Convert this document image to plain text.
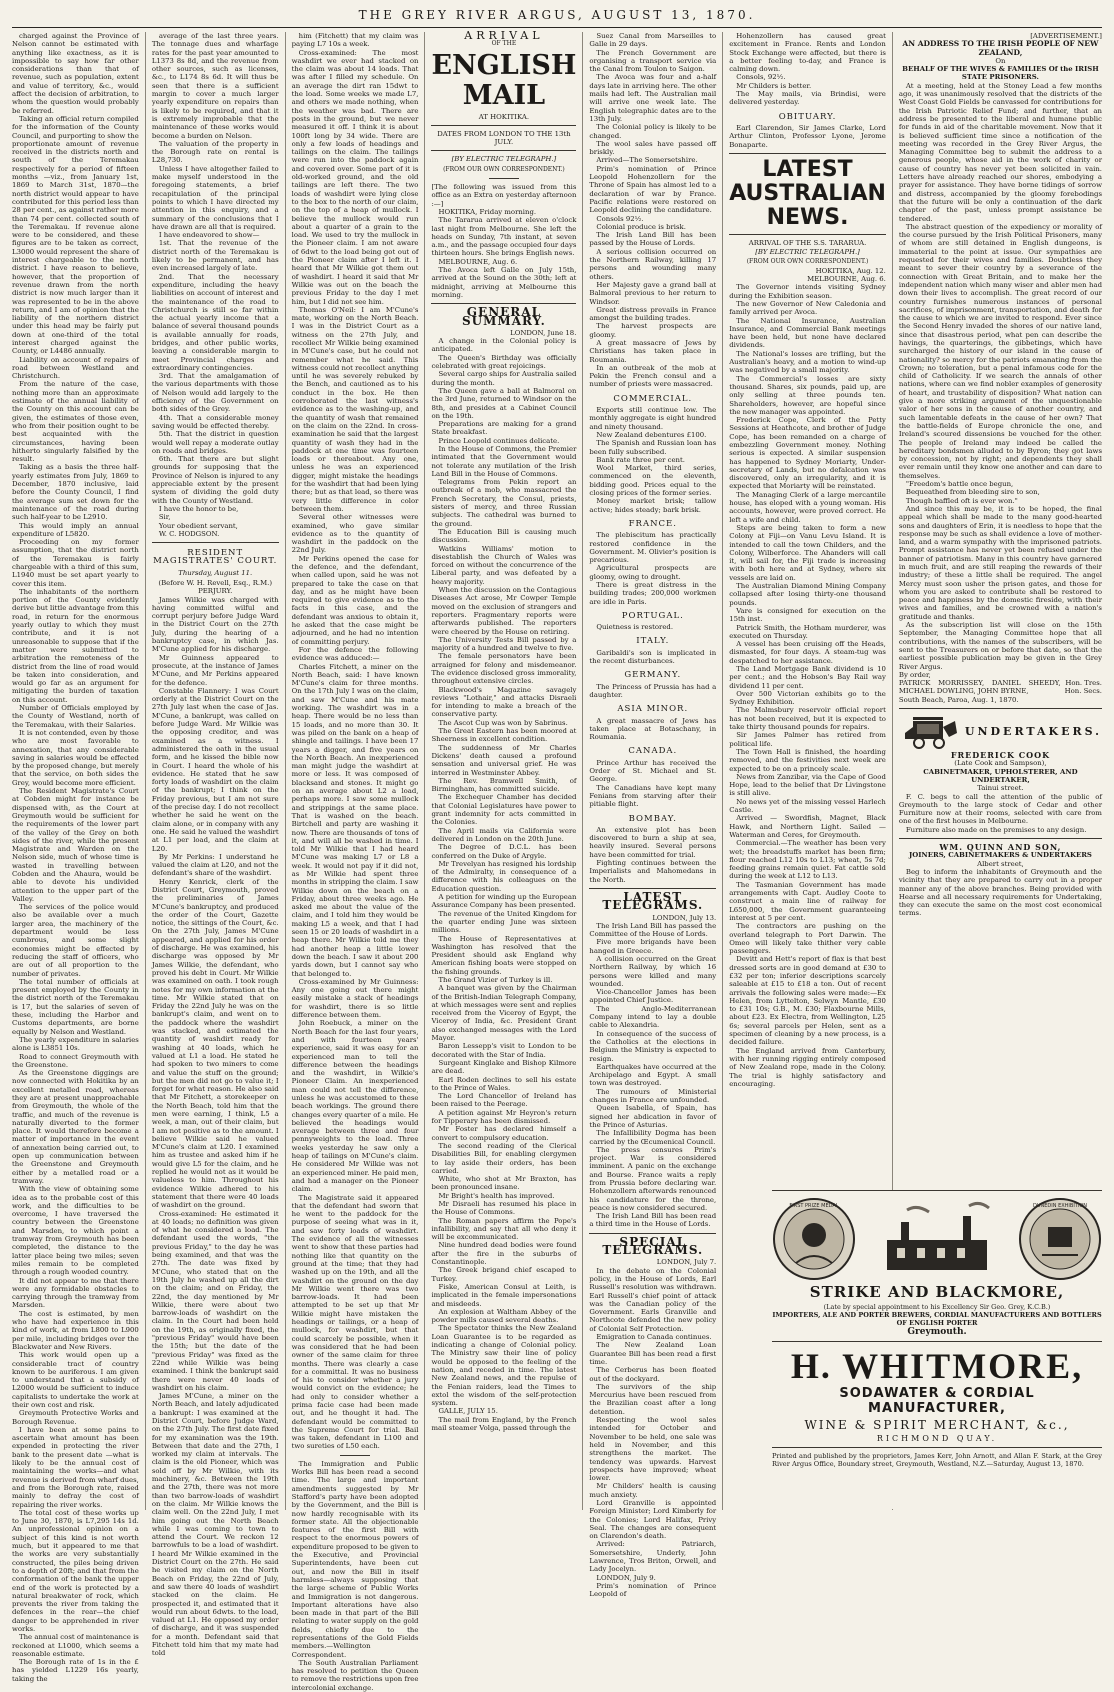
THE GREY RIVER ARGUS, AUGUST 13, 1870.

charged against the Province of Nelson cannot be estimated with anything like exactness, as it is impossible to say how far other considerations than that of revenue, such as population, extent and value of territory, &c., would affect the decision of arbitration, to whom the question would probably be referred.

Taking an official return compiled for the information of the County Council, and purporting to show the proportionate amount of revenue received in the districts north and south of the Teremakau respectively for a period of fifteen months —viz., from January 1st, 1869 to March 31st, 1870—the north district would appear to have contributed for this period less than 28 per cent., as against rather more than 74 per cent. collected south of the Teremakau. If revenue alone were to be considered, and these figures are to be taken as correct, L3000 would represent the share of interest chargeable to the north district. I have reason to believe, however, that the proportion of revenue drawn from the north district is now much larger than it was represented to be in the above return, and I am of opinion that the liability of the northern district under this head may be fairly put down at one-third of the total interest charged against the County, or L4486 annually.

Liability on account of repairs of road between Westland and Christchurch.

From the nature of the case, nothing more than an approximate estimate of the annual liability of the County on this account can be given, the estimates of those even, who from their position ought to be best acquainted with the circumstances, having been hitherto singularly falsified by the result.

Taking as a basis the three half-yearly estimates from July, 1869 to December, 1870 inclusive, laid before the County Council, I find the average sum set down for the maintenance of the road during such half-year to be L2910.

This would imply an annual expenditure of L5820.

Proceeding on my former assumption, that the district north of the Teremakau is fairly chargeable with a third of this sum, L1940 must be set apart yearly to cover this item.

The inhabitants of the northern portion of the County evidently derive but little advantage from this road, in return for the enormous yearly outlay to which they must contribute, and it is not unreasonable to suppose that if the matter were submitted to arbitration the remoteness of the district from the line of road would be taken into consideration, and would go far as an argument for mitigating the burden of taxation on this account.

Number of Officials employed by the County of Westland, north of the Teremakau, with their Salaries.

It is not contended, even by those who are most favorable to annexation, that any considerable saving in salaries would be effected by the proposed change, but merely that the service, on both sides the Grey, would become more efficient.

The Resident Magistrate's Court at Cobden might for instance be dispensed with, as the Court at Greymouth would be sufficient for the requirements of the lower part of the valley of the Grey on both sides of the river, while the present Magistrate and Warden on the Nelson side, much of whose time is wasted in travelling between Cobden and the Ahaura, would be able to devote his undivided attention to the upper part of the Valley.

The services of the police would also be available over a much larger area, the machinery of the department would be less cumbrous, and some slight economies might be effected by reducing the staff of officers, who are out of all proportion to the number of privates.

The total number of officials at present employed by the County in the district north of the Teremakau is 17, but the salaries of seven of these, including the Harbor and Customs departments, are borne equally by Nelson and Westland.

The yearly expenditure in salaries alone is L3851 10s.

Road to connect Greymouth with the Greenstone.

As the Greenstone diggings are now connected with Hokitika by an excellent metalled road, whereas they are at present unapproachable from Greymouth, the whole of the traffic, and much of the revenue is naturally diverted to the former place. It would therefore become a matter of importance in the event of annexation being carried out, to open up communication between the Greenstone and Greymouth either by a metalled road or a tramway.

With the view of obtaining some idea as to the probable cost of this work, and the difficulties to be overcome, I have traversed the country between the Greenstone and Marsden, to which point a tramway from Greymouth has been completed, the distance to the latter place being two miles; seven miles remain to be completed through a rough wooded country.

It did not appear to me that there were any formidable obstacles to carrying through the tramway from Marsden.

The cost is estimated, by men who have had experience in this kind of work, at from L800 to L900 per mile, including bridges over the Blackwater and New Rivers.

This work would open up a considerable tract of country known to be auriferous. I am given to understand that a subsidy of L2000 would be sufficient to induce capitalists to undertake the work at their own cost and risk.

Greymouth Protective Works and Borough Revenue.

I have been at some pains to ascertain what amount has been expended in protecting the river bank to the present date —what is likely to be the annual cost of maintaining the works—and what revenue is derived from wharf dues, and from the Borough rate, raised mainly to defray the cost of repairing the river works.

The total cost of these works up to June 30, 1870, is L7,295 14s 1d. An unprofessional opinion on a subject of this kind is not worth much, but it appeared to me that the works are very substantially constructed, the piles being driven to a depth of 20ft; and that from the conformation of the bank the upper end of the work is protected by a natural breakwater of rock, which prevents the river from taking the defences in the rear—the chief danger to be apprehended in river works.

The annual cost of maintenance is reckoned at L1000, which seems a reasonable estimate.

The Borough rate of 1s in the £ has yielded L1229 16s yearly, taking the

average of the last three years. The tonnage dues and wharfage rates for the past year amounted to L1373 8s 8d, and the revenue from other sources, such as licenses, &c., to L174 8s 6d. It will thus be seen that there is a sufficient margin to cover a much larger yearly expenditure on repairs than is likely to be required, and that it is extremely improbable that the maintenance of these works would become a burden on Nelson.

The valuation of the property in the Borough rate on rental is L28,730.

Unless I have altogether failed to make myself understood in the foregoing statements, a brief recapitulation of the principal points to which I have directed my attention in this enquiry, and a summary of the conclusions that I have drawn are all that is required.

I have endeavored to show—

1st. That the revenue of the district north of the Teremakau is likely to be permanent, and has even increased largely of late.

2nd. That the necessary expenditure, including the heavy liabilities on account of interest and the maintenance of the road to Christchurch is still so far within the actual yearly income that a balance of several thousand pounds is available annually for roads, bridges, and other public works, leaving a considerable margin to meet Provincial charges and extraordinary contingencies.

3rd. That the amalgamation of the various departments with those of Nelson would add largely to the efficiency of the Government on both sides of the Grey.

4th. That a considerable money saving would be effected thereby.

5th. That the district in question would well repay a moderate outlay on roads and bridges.

6th. That there are but slight grounds for supposing that the Province of Nelson is injured to any appreciable extent by the present system of dividing the gold duty with the County of Westland.

I have the honor to be,

Sir,

Your obedient servant,

W. C. HODGSON.

RESIDENT MAGISTRATES' COURT.
Thursday, August 11.
(Before W. H. Revell, Esq., R.M.)
PERJURY.

James Wilkie was charged with having committed wilful and corrupt perjury before Judge Ward in the District Court on the 27th July, during the hearing of a bankruptcy case, in which Jas. M'Cune applied for his discharge.

Mr Guinness appeared to prosecute, at the instance of James M'Cune, and Mr Perkins appeared for the defence.

Constable Flannery: I was Court orderly at the District Court on the 27th July last when the case of Jas. M'Cune, a bankrupt, was called on before Judge Ward. Mr Wilkie was the opposing creditor, and was examined as a witness. I administered the oath in the usual form, and he kissed the bible now in Court. I heard the whole of his evidence. He stated that he saw forty loads of washdirt on the claim of the bankrupt; I think on the Friday previous, but I am not sure of the precise day. I do not recollect whether he said he went on the claim alone, or in company with any one. He said he valued the washdirt at L1 per load, and the claim at L20.

By Mr Perkins: I understand he valued the claim at L20, and not the defendant's share of the washdirt.

Henry Kenrick, clerk of the District Court, Greymouth, proved the preliminaries of James M'Cune's bankruptcy, and produced the order of the Court, Gazette notice, the sittings of the Court, &c. On the 27th July, James M'Cune appeared, and applied for his order of discharge. He was examined, his discharge was opposed by Mr James Wilkie, the defendant, who proved his debt in Court. Mr Wilkie was examined on oath. I took rough notes for my own information at the time. Mr Wilkie stated that on Friday the 22nd July he was on the bankrupt's claim, and went on to the paddock where the washdirt was stacked, and estimated the quantity of washdirt ready for washing at 40 loads, which he valued at L1 a load. He stated he had spoken to two miners to come and value the stuff on the ground; but the men did not go to value it; I forget for what reason. He also said that Mr Fitchett, a storekeeper on the North Beach, told him that the men were earning, I think, L5 a week, a man, out of their claim, but I am not positive as to the amount. I believe Wilkie said he valued M'Cune's claim at L20. I examined him as trustee and asked him if he would give L5 for the claim, and he replied he would not as it would be valueless to him. Throughout his evidence Wilkie adhered to his statement that there were 40 loads of washdirt on the ground.

Cross-examined: He estimated it at 40 loads; no definition was given of what he considered a load. The defendant used the words, "the previous Friday," to the day he was being examined, and that was the 27th. The date was fixed by M'Cune, who stated that on the 19th July he washed up all the dirt on the claim; and on Friday, the 22nd, the day mentioned by Mr Wilkie, there were about two barrow-loads of washdirt on the claim. In the Court had been held on the 19th, as originally fixed, the "previous Friday" would have been the 15th; but the date of the "previous Friday" was fixed as the 22nd while Wilkie was being examined. I think the bankrupt said there were never 40 loads of washdirt on his claim.

James M'Cune, a miner on the North Beach, and lately adjudicated a bankrupt: I was examined at the District Court, before Judge Ward, on the 27th July. The first date fixed for my examination was the 19th. Between that date and the 27th, I worked my claim at intervals. The claim is the old Pioneer, which was sold off by Mr Wilkie, with its machinery, &c. Between the 19th and the 27th, there was not more than two barrow-loads of washdirt on the claim. Mr Wilkie knows the claim well. On the 22nd July, I met him going out the North Beach while I was coming to town to attend the Court. We reckon 12 barrowfuls to be a load of washdirt. I heard Mr Wilkie examined in the District Court on the 27th. He said he visited my claim on the North Beach on Friday, the 22nd of July, and saw there 40 loads of washdirt stacked on the claim. He prospected it, and estimated that it would run about 6dwts. to the load, valued at L1. He opposed my order of discharge, and it was suspended for a month. Defendant said that Fitchett told him that my mate had told

him (Fitchett) that my claim was paying L7 10s a week.

Cross-examined: The most washdirt we ever had stacked on the claim was about 14 loads. That was after I filled my schedule. On an average the dirt ran 15dwt to the load. Some weeks we made L7, and others we made nothing, when the weather was bad. There are posts in the ground, but we never measured it off. I think it is about 100ft long by 34 wide. There are only a few loads of headings and tailings on the claim. The tailings were run into the paddock again and covered over. Some part of it is old-worked ground, and the old tailings are left there. The two loads of washdirt were lying close to the box to the north of our claim, on the top of a heap of mullock. I believe the mullock would run about a quarter of a grain to the load. We used to try the mullock in the Pioneer claim. I am not aware of 6dwt to the load being got out of the Pioneer claim after I left it. I heard that Mr Wilkie got them out of washdirt. I heard it said that Mr Wilkie was out on the beach the previous Friday to the day I met him, but I did not see him.

Thomas O'Neil: I am M'Cune's mate, working on the North Beach. I was in the District Court as a witness on the 27th July, and recollect Mr Wilkie being examined in M'Cune's case, but he could not remember what he said. This witness could not recollect anything until he was severely rebuked by the Bench, and cautioned as to his conduct in the box. He then corroborated the last witness's evidence as to the washing-up, and the quantity of wash that remained on the claim on the 22nd. In cross-examination he said that the largest quantity of wash they had in the paddock at one time was fourteen loads or thereabout. Any one, unless he was an experienced digger, might mistake the headings for the washdirt that had been lying there; but as that lead, so there was very little difference in color between them.

Several other witnesses were examined, who gave similar evidence as to the quantity of washdirt in the paddock on the 22nd July.

Mr Perkins opened the case for the defence, and the defendant, when called upon, said he was not prepared to take the case on that day, and as he might have been required to give evidence as to the facts in this case, and the defendant was anxious to obtain it, he asked that the case might be adjourned, and he had no intention of committing perjury.

For the defence the following evidence was adduced:—

Charles Fitchett, a miner on the North Beach, said: I have known M'Cune's claim for three months. On the 17th July I was on the claim, and saw M'Cune and his mate working. The washdirt was in a heap. There would be no less than 15 loads, and no more than 30. It was piled on the bank on a heap of shingle and tailings. I have been 17 years a digger, and five years on the North Beach. An inexperienced man might judge the washdirt at more or less. It was composed of blacksand and stones. It might go on an average about L2 a load, perhaps more. I saw some mullock and strippings at the same place. That is washed on the beach. Birtchell and party are washing it now. There are thousands of tons of it, and will all be washed in time. I told Mr Wilkie that I had heard M'Cune was making L7 or L8 a week. It would not pay if it did not, as Mr Wilkie had spent three months in stripping the claim. I saw Wilkie down on the beach on a Friday, about three weeks ago. He asked me about the value of the claim, and I told him they would be making L5 a week, and that I had seen 15 or 20 loads of washdirt in a heap there. Mr Wilkie told me they had another heap a little lower down the beach. I saw it about 200 yards down, but I cannot say who that belonged to.

Cross-examined by Mr Guinness: Any one going out there might easily mistake a stack of headings for washdirt, there is so little difference between them.

John Roebuck, a miner on the North Beach for the last four years, and with fourteen years' experience, said it was easy for an experienced man to tell the difference between the headings and the washdirt, in Wilkie's Pioneer Claim. An inexperienced man could not tell the difference, unless he was accustomed to these beach workings. The ground there changes every quarter of a mile. He believed the headings would average between three and four pennyweights to the load. Three weeks yesterday he saw only a heap of tailings on M'Cune's claim. He considered Mr Wilkie was not an experienced miner. He paid men, and had a manager on the Pioneer claim.

The Magistrate said it appeared that the defendant had sworn that he went to the paddock for the purpose of seeing what was in it, and saw forty loads of washdirt. The evidence of all the witnesses went to show that these parties had nothing like that quantity on the ground at the time; that they had washed up on the 19th, and all the washdirt on the ground on the day Mr Wilkie went there was two barrow-loads. It had been attempted to be set up that Mr Wilkie might have mistaken the headings or tailings, or a heap of mullock, for washdirt, but that could scarcely be possible, when it was considered that he had been owner of the same claim for three months. There was clearly a case for a committal. It was no business of his to consider whether a jury would convict on the evidence; he had only to consider whether a prima facie case had been made out, and he thought it had. The defendant would be committed to the Supreme Court for trial. Bail was taken, defendant in L100 and two sureties of L50 each.

The Immigration and Public Works Bill has been read a second time. The large and important amendments suggested by Mr Stafford's party have been adopted by the Government, and the Bill is now hardly recognisable with its former state. All the objectionable features of the first Bill with respect to the enormous powers of expenditure proposed to be given to the Executive, and Provincial Superintendents, have been cut out, and now the Bill in itself harmless—always supposing that the large scheme of Public Works and Immigration is not dangerous. Important alterations have also been made in that part of the Bill relating to water supply on the gold fields, chiefly due to the representations of the Gold Fields members.—Wellington Correspondent.

The South Australian Parliament has resolved to petition the Queen to remove the restrictions upon free intercolonial exchange.

ARRIVAL
OF THE
ENGLISH MAIL
AT HOKITIKA.
DATES FROM LONDON TO THE 13th JULY.
[BY ELECTRIC TELEGRAPH.]
(FROM OUR OWN CORRESPONDENT.)

[The following was issued from this office as an Extra on yesterday afternoon :—]

HOKITIKA, Friday morning.

The Tararua arrived at eleven o'clock last night from Melbourne. She left the heads on Sunday, 7th instant, at seven a.m., and the passage occupied four days thirteen hours. She brings English news.

MELBOURNE, Aug. 6.

The Avoca left Galle on July 15th, arrived at the Sound on the 30th; left at midnight, arriving at Melbourne this morning.

GENERAL SUMMARY.
LONDON, June 18.

A change in the Colonial policy is anticipated.

The Queen's Birthday was officially celebrated with great rejoicings.

Several cargo ships for Australia sailed during the month.

The Queen gave a ball at Balmoral on the 3rd June, returned to Windsor on the 8th, and presides at a Cabinet Council on the 19th.

Preparations are making for a grand State breakfast.

Prince Leopold continues delicate.

In the House of Commons, the Premier intimated that the Government would not tolerate any mutilation of the Irish Land Bill in the House of Commons.

Telegrams from Pekin report an outbreak of a mob, who massacred the French Secretary, the Consul, priests, sisters of mercy, and three Russian subjects. The cathedral was burned to the ground.

The Education Bill is causing much discussion.

Watkins Williams' motion to disestablish the Church of Wales was forced on without the concurrence of the Liberal party, and was defeated by a heavy majority.

When the discussion on the Contagious Diseases Act arose, Mr Cowper Temple moved on the exclusion of strangers and reporters. Fragmentary reports were afterwards published. The reporters were cheered by the House on retiring.

The University Tests Bill passed by a majority of a hundred and twelve to five.

The female personators have been arraigned for felony and misdemeanor. The evidence disclosed gross immorality, throughout extensive circles.

Blackwood's Magazine savagely reviews "Lothair," and attacks Disraeli for intending to make a breach of the conservative party.

The Ascot Cup was won by Sabrinus.

The Great Eastern has been moored at Sheerness in excellent condition.

The suddenness of Mr Charles Dickens' death caused a profound sensation and universal grief. He was interred in Westminster Abbey.

The Rev. Bramwell Smith, of Birmingham, has committed suicide.

The Exchequer Chamber has decided that Colonial Legislatures have power to grant indemnity for acts committed in the Colonies.

The April mails via California were delivered in London on the 20th June.

The Degree of D.C.L. has been conferred on the Duke of Argyle.

Mr Trevelyan has resigned his lordship of the Admiralty, in consequence of a difference with his colleagues on the Education question.

A petition for winding up the European Assurance Company has been presented.

The revenue of the United Kingdom for the quarter ending June was sixteen millions.

The House of Representatives at Washington has resolved that the President should ask England why American fishing boats were stopped on the fishing grounds.

The Grand Vizier of Turkey is ill.

A banquet was given by the Chairman of the British-Indian Telegraph Company, at which messages were sent and replies received from the Viceroy of Egypt, the Viceroy of India, &c. President Grant also exchanged messages with the Lord Mayor.

Baron Lessepp's visit to London to be decorated with the Star of India.

Surgeant Kinglake and Bishop Kilmore are dead.

Earl Roden declines to sell his estate to the Prince of Wales.

The Lord Chancellor of Ireland has been raised to the Peerage.

A petition against Mr Heyron's return for Tipperary has been dismissed.

Mr Foster has declared himself a convert to compulsory education.

The second reading of the Clerical Disabilities Bill, for enabling clergymen to lay aside their orders, has been carried.

White, who shot at Mr Braxton, has been pronounced insane.

Mr Bright's health has improved.

Mr Disraeli has resumed his place in the House of Commons.

The Roman papers affirm the Pope's infallibility, and say that all who deny it will be excommunicated.

Nine hundred dead bodies were found after the fire in the suburbs of Constantinople.

The Greek brigand chief escaped to Turkey.

Fiske, American Consul at Leith, is implicated in the female impersonations and misdeeds.

An explosion at Waltham Abbey of the powder mills caused several deaths.

The Spectator thinks the New Zealand Loan Guarantee is to be regarded as indicating a change of Colonial policy. The Ministry saw their line of policy would be opposed to the feeling of the nation, and receded in time. The latest New Zealand news, and the repulse of the Fenian raiders, lead the Times to extol the wisdom of the self-protection system.

GALLE, JULY 15.

The mail from England, by the French mail steamer Volga, passed through the

Suez Canal from Marseilles to Galle in 29 days.

The French Government are organising a transport service via the Canal from Toulon to Saigon.

The Avoca was four and a-half days late in arriving here. The other mails had left. The Australian mail will arrive one week late. The English telegraphic dates are to the 13th July.

The Colonial policy is likely to be changed.

The wool sales have passed off briskly.

Arrived—The Somersetshire.

Prim's nomination of Prince Leopold Hohenzollern for the Throne of Spain has almost led to a declaration of war by France. Pacific relations were restored on Leopold declining the candidature.

Consols 92½.

Colonial produce is brisk.

The Irish Land Bill has been passed by the House of Lords.

A serious collision occurred on the Northern Railway, killing 17 persons and wounding many others.

Her Majesty gave a grand ball at Balmoral previous to her return to Windsor.

Great distress prevails in France amongst the building trades.

The harvest prospects are gloomy.

A great massacre of Jews by Christians has taken place in Roumania.

In an outbreak of the mob at Pekin the French consul and a number of priests were massacred.

COMMERCIAL.

Exports still continue low. The monthly aggregate is eight hundred and ninety thousand.

New Zealand debentures £100.

The Spanish and Russian loan has been fully subscribed.

Bank rate three per cent.

Wool Market, third series, commenced on the eleventh, bidding good. Prices equal to the closing prices of the former series.

Money market brisk; tallow active; hides steady; bark brisk.

FRANCE.

The plebiscitum has practically restored confidence in the Government. M. Olivier's position is precarious.

Agricultural prospects are gloomy, owing to drought.

There is great distress in the building trades; 200,000 workmen are idle in Paris.

PORTUGAL.

Quietness is restored.

ITALY.

Garibaldi's son is implicated in the recent disturbances.

GERMANY.

The Princess of Prussia has had a daughter.

ASIA MINOR.

A great massacre of Jews has taken place at Botaschany, in Roumania.

CANADA.

Prince Arthur has received the Order of St. Michael and St. George.

The Canadians have kept many Fenians from starving after their pitiable flight.

BOMBAY.

An extensive plot has been discovered to burn a ship at sea, heavily insured. Several persons have been committed for trial.

Fighting continues between the Imperialists and Mahomedans in the North.

LATEST TELEGRAMS.
LONDON, July 13.

The Irish Land Bill has passed the Committee of the House of Lords.

Five more brigands have been hanged in Greece.

A collision occurred on the Great Northern Railway, by which 16 persons were killed and many wounded.

Vice-Chancellor James has been appointed Chief Justice.

The Anglo-Mediterranean Company intend to lay a double cable to Alexandria.

In consequence of the success of the Catholics at the elections in Belgium the Ministry is expected to resign.

Earthquakes have occurred at the Archipelago and Egypt. A small town was destroyed.

The rumours of Ministerial changes in France are unfounded.

Queen Isabella, of Spain, has signed her abdication in favor of the Prince of Asturias.

The Infallibility Dogma has been carried by the Œcumenical Council.

The press censures Prim's project. War is considered imminent. A panic on the exchange and Bourse. France waits a reply from Prussia before declaring war. Hohenzollern afterwards renounced his candidature for the throne, peace is now considered secured.

The Irish Land Bill has been read a third time in the House of Lords.

SPECIAL TELEGRAMS.
LONDON, July 7.

In the debate on the Colonial policy, in the House of Lords, Earl Russell's resolution was withdrawn. Earl Russell's chief point of attack was the Canadian policy of the Government. Earls Granville and Northcote defended the new policy of Colonial Self Protection.

Emigration to Canada continues.

The New Zealand Loan Guarantee Bill has been read a first time.

The Cerberus has been floated out of the dockyard.

The survivors of the ship Mercurius have been rescued from the Brazilian coast after a long detention.

Respecting the wool sales intended for October and November to be held, one sale was held in November, and this strengthens the market. The tendency was upwards. Harvest prospects have improved; wheat lower.

Mr Childers' health is causing much anxiety.

Lord Granville is appointed Foreign Minister; Lord Kimberly for the Colonies; Lord Halifax, Privy Seal. The changes are consequent on Clarendon's death.

Arrived: Patriarch, Somersetshire, Underly, John Lawrence, Tros Briton, Orwell, and Lady Jocelyn.

LONDON, July 9.

Prim's nomination of Prince Leopold of

Hohenzollern has caused great excitement in France. Rents and London Stock Exchange were affected, but there is a better feeling to-day, and France is calming down.

Consols, 92½.

Mr Childers is better.

The May mails, via Brindisi, were delivered yesterday.

OBITUARY.

Earl Clarendon, Sir James Clarke, Lord Arthur Clinton, Professor Lyone, Jerome Bonaparte.

LATEST AUSTRALIAN NEWS.
ARRIVAL OF THE S.S. TARARUA.
[BY ELECTRIC TELEGRAPH.]
(FROM OUR OWN CORRESPONDENT.)
HOKITIKA, Aug. 12.
MELBOURNE, Aug. 6.

The Governor intends visiting Sydney during the Exhibition season.

The new Governor of New Caledonia and family arrived per Avoca.

The National Insurance, Australian Insurance, and Commercial Bank meetings have been held, but none have declared dividends.

The National's losses are trifling, but the Australian's heavy, and a motion to wind-up was negatived by a small majority.

The Commercial's losses are sixty thousand. Shares, six pounds, paid up, are only selling at three pounds ten. Shareholders, however, are hopeful since the new manager was appointed.

Frederick Cope, Clerk of the Petty Sessions at Heathcote, and brother of Judge Cope, has been remanded on a charge of embezzling Government money. Nothing serious is expected. A similar suspension has happened to Sydney Moriarty, Under-secretary of Lands, but no defalcation was discovered, only an irregularity, and it is expected that Moriarty will be reinstated.

The Managing Clerk of a large mercantile house, has eloped with a young woman. His accounts, however, were proved correct. He left a wife and child.

Steps are being taken to form a new Colony at Fiji—on Vanu Levu Island. It is intended to call the town Childers, and the Colony, Wilberforce. The Ahanders will call it, will sail for, the Fiji trade is increasing with both here and at Sydney, where six vessels are laid on.

The Australian Diamond Mining Company collapsed after losing thirty-one thousand pounds.

Vare is consigned for execution on the 15th inst.

Patrick Smith, the Hotham murderer, was executed on Thursday.

A vessel has been cruising off the Heads, dismasted, for four days. A steam-tug was despatched to her assistance.

The Land Mortgage Bank dividend is 10 per cent.; and the Hobson's Bay Rail way dividend 11 per cent.

Over 500 Victorian exhibits go to the Sydney Exhibition.

The Malmsbury reservoir official report has not been received, but it is expected to take thirty thousand pounds for repairs.

Sir James Palmer has retired from political life.

The Town Hall is finished, the hoarding removed, and the festivities next week are expected to be on a princely scale.

News from Zanzibar, via the Cape of Good Hope, lead to the belief that Dr Livingstone is still alive.

No news yet of the missing vessel Harlech Castle.

Arrived — Swordfish, Magnet, Black Hawk, and Northern Light. Sailed — Waterman and Ceres, for Greymouth.

Commercial.—The weather has been very wet; the breadstuffs market has been firm; flour reached L12 10s to L13; wheat, 5s 7d; feeding grains remain quiet. Fat cattle sold during the week at L12 to L13.

The Tasmanian Government has made arrangements with Capt. Audley Coote to construct a main line of railway for L650,000, the Government guaranteeing interest at 5 per cent.

The contractors are pushing on the overland telegraph to Port Darwin. The Omeo will likely take thither very cable passengers.

Devitt and Hett's report of flax is that best dressed sorts are in good demand at £30 to £32 per ton; inferior descriptions scarcely saleable at £15 to £18 a ton. Out of recent arrivals the following sales were made:—Ex Helen, from Lyttelton, Selwyn Mantle, £30 to £31 10s; G.B., M. £30; Flaxbourne Mills, about £23. Ex Electra, from Wellington, L25 6s; several parcels per Helen, sent as a specimen of cleaning by a new process, is a decided failure.

The England arrived from Canterbury, with her running rigging entirely composed of New Zealand rope, made in the Colony. The trial is highly satisfactory and encouraging.

[ADVERTISEMENT.]
AN ADDRESS TO THE IRISH PEOPLE OF NEW ZEALAND,
On
BEHALF OF THE WIVES & FAMILIES Of the IRISH STATE PRISONERS.

At a meeting, held at the Stoney Lead a few months ago, it was unanimously resolved that the districts of the West Coast Gold Fields be canvassed for contributions for the Irish Patriotic Relief Fund; and further, that an address be presented to the liberal and humane public for funds in aid of the charitable movement. Now that it is believed sufficient time since a notification of the meeting was recorded in the Grey River Argus, the Managing Committee beg to submit the address to a generous people, whose aid in the work of charity or cause of country has never yet been solicited in vain. Letters have already reached our shores, embodying a prayer for assistance. They have borne tidings of sorrow and distress, accompanied by the gloomy forebodings that the future will be only a continuation of the dark chapter of the past, unless prompt assistance be tendered.

The abstract question of the expediency or morality of the course pursued by the Irish Political Prisoners, many of whom are still detained in English dungeons, is immaterial to the point at issue. Our sympathies are requested for their wives and families. Doubtless they meant to sever their country by a severance of the connection with Great Britain, and to make her the independent nation which many wiser and abler men had down their lives to accomplish. The great record of our country furnishes numerous instances of personal sacrifices, of imprisonment, transportation, and death for the cause to which we are invited to respond. Ever since the Second Henry invaded the shores of our native land, since that disastrous period, what pen can describe the havings, the quarterings, the gibbetings, which have surcharged the history of our island in the cause of nationality? so mercy for the patriots emanating from the Crown; no toleration, but a penal infamous code for the child of Catholicity. If we search the annals of other nations, where can we find nobler examples of generosity of heart, and trustability of disposition? What nation can give a more striking argument of the unquestionable valor of her sons in the cause of another country, and such lamentable defeats in the cause of her own? That the battle-fields of Europe chronicle the one, and Ireland's scoured dissensions be vouched for the other. The people of Ireland may indeed be called the hereditary bondsmen alluded to by Byron; they got laws by concession, not by right; and dependents they shall ever remain until they know one another and can dare to themselves.

"Freedom's battle once begun,

Bequeathed from bleeding sire to son,

Though baffled oft is ever won."

And since this may be, it is to be hoped, the final appeal which shall be made to the many good-hearted sons and daughters of Erin, it is needless to hope that the response may be such as shall evidence a love of mother-land, and a warm sympathy with the imprisoned patriots. Prompt assistance has never yet been refused under the banner of patriotism. Many in this country have garnered in much fruit, and are still reaping the rewards of their industry; of these a little shall be required. The angel Mercy must soon usher the prison gates, and those for whom you are asked to contribute shall be restored to peace and happiness by the domestic fireside, with their wives and families, and be crowned with a nation's gratitude and thanks.

As the subscription list will close on the 15th September, the Managing Committee hope that all contributions, with the names of the subscribers, will be sent to the Treasurers on or before that date, so that the earliest possible publication may be given in the Grey River Argus.

By order,
PATRICK MORRISSEY, DANIEL SHEEDY, MICHAEL DOWLING, JOHN BYRNE,
Hon. Tres.
Hon. Secs.
South Beach, Paroa, Aug. 1, 1870.
UNDERTAKERS.
FREDERICK COOK
(Late Cook and Sampson),
CABINETMAKER, UPHOLSTERER, AND UNDERTAKER,
Tainui street.

F. C. begs to call the attention of the public of Greymouth to the large stock of Cedar and other Furniture now at their rooms, selected with care from one of the first houses in Melbourne.

Furniture also made on the premises to any design.

WM. QUINN AND SON,
JOINERS, CABINETMAKERS & UNDERTAKERS
Albert street,

Beg to inform the inhabitants of Greymouth and the vicinity that they are prepared to carry out in a proper manner any of the above branches. Being provided with Hearse and all necessary requirements for Undertaking, they can execute the same on the most cost economical terms.

FIRST PRIZE MEDAL	DUNEDIN EXHIBITION
STRIKE AND BLACKMORE,
(Late by special appointment to his Excellency Sir Geo. Grey, K.C.B.)
IMPORTERS, ALE AND PORTER BREWERS, CORDIAL MANUFACTURERS AND BOTTLERS OF ENGLISH PORTER
Greymouth.
H. WHITMORE,
SODAWATER & CORDIAL MANUFACTURER,
WINE & SPIRIT MERCHANT, &c.,
RICHMOND QUAY.
Printed and published by the proprietors, James Kerr, John Arnott, and Allan F. Stark, at the Grey River Argus Office, Boundary street, Greymouth, Westland, N.Z.—Saturday, August 13, 1870.
